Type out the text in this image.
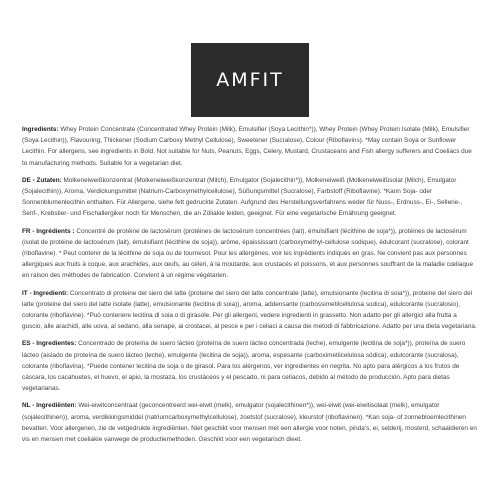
AMFIT

Ingredients: Whey Protein Concentrate (Concentrated Whey Protein (Milk), Emulsifier (Soya Lecithin*)), Whey Protein (Whey Protein Isolate (Milk), Emulsifier (Soya Lecithin)), Flavouring, Thickener (Sodium Carboxy Methyl Cellulose), Sweetener (Sucralose), Colour (Riboflavins). *May contain Soya or Sunflower Lecithin. For allergens, see ingredients in Bold. Not suitable for Nuts, Peanuts, Eggs, Celery, Mustard, Crustaceans and Fish allergy sufferers and Coeliacs due to manufacturing methods. Suitable for a vegetarian diet.

DE - Zutaten: Molkeneiweißkonzentrat (Molkeneiweißkonzentrat (Milch), Emulgator (Sojalecithin*)), Molkeneiweiß (Molkeneiweißisolat (Milch), Emulgator (Sojalecithin)), Aroma, Verdickungsmittel (Natrium-Carboxymethylcellulose), Süßungsmittel (Sucralose), Farbstoff (Riboflavine). *Kann Soja- oder Sonnenblumenlecithin enthalten. Für Allergene, siehe fett gedruckte Zutaten. Aufgrund des Herstellungsverfahrens weder für Nuss-, Erdnuss-, Ei-, Sellerie-, Senf-, Krebstier- und Fischallergiker noch für Menschen, die an Zöliakie leiden, geeignet. Für eine vegetarische Ernährung geeignet.

FR - Ingrédients : Concentré de protéine de lactosérum (protéines de lactosérum concentrées (lait), émulsifiant (lécithine de soja*)), protéines de lactosérum (isolat de protéine de lactosérum (lait), émulsifiant (lécithine de soja)), arôme, épaississant (carboxyméthyl-cellulose sodique), édulcorant (sucralose), colorant (riboflavine). * Peut contenir de la lécithine de soja ou de tournesol. Pour les allergènes, voir les ingrédients indiqués en gras. Ne convient pas aux personnes allergiques aux fruits à coque, aux arachides, aux œufs, au céleri, à la moutarde, aux crustacés et poissons, et aux personnes souffrant de la maladie cœliaque en raison des méthodes de fabrication. Convient à un régime végétarien.

IT - Ingredienti: Concentrato di proteine del siero del latte (proteine del siero del latte concentrate (latte), emulsionante (lecitina di soia*)), proteine del siero del latte (proteine del siero del latte isolate (latte), emulsionante (lecitina di soia)), aroma, addensante (carbossimetilcellulosa sodica), edulcorante (sucralosio), colorante (riboflavine). *Può contenere lecitina di soia o di girasole. Per gli allergeni, vedere ingredienti in grassetto. Non adatto per gli allergici alla frutta a guscio, alle arachidi, alle uova, al sedano, alla senape, ai crostacei, al pesce e per i celiaci a causa dei metodi di fabbricazione. Adatto per una dieta vegetariana.

ES - Ingredientes: Concentrado de proteína de suero lácteo (proteína de suero lácteo concentrada (leche), emulgente (lecitina de soja*)), proteína de suero lácteo (aislado de proteína de suero lácteo (leche), emulgente (lecitina de soja)), aroma, espesante (carboximetilcelulosa sódica), edulcorante (sucralosa), colorante (riboflavina). *Puede contener lecitina de soja o de girasol. Para los alérgenos, ver ingredientes en negrita. No apto para alérgicos a los frutos de cáscara, los cacahuetes, el huevo, el apio, la mostaza, los crustáceos y el pescado, ni para celíacos, debido al método de producción. Apto para dietas vegetarianas.

NL - Ingrediënten: Wei-eiwitconcentraat (geconcentreerd wei-eiwit (melk), emulgator (sojalecithinen*)), wei-eiwit (wei-eiwitisolaat (melk), emulgator (sojalecithinen)), aroma, verdikkingsmiddel (natriumcarboxymethylcellulose), zoetstof (sucralose), kleurstof (riboflavinen). *Kan soja- of zonnebloemlecithinen bevatten. Voor allergenen, zie de vetgedrukte ingrediënten. Niet geschikt voor mensen met een allergie voor noten, pinda's, ei, selderij, mosterd, schaaldieren en vis en mensen met coeliakie vanwege de productiemethoden. Geschikt voor een vegetarisch dieet.
